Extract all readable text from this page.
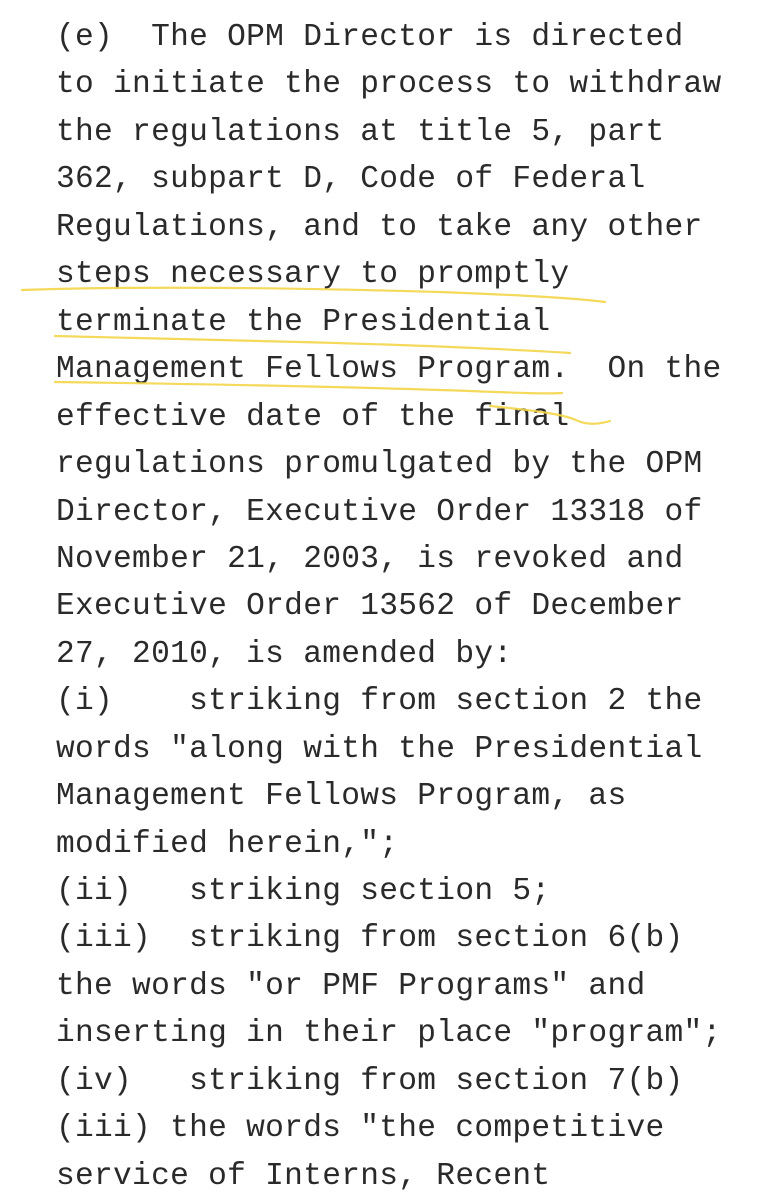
(e)  The OPM Director is directed
to initiate the process to withdraw
the regulations at title 5, part
362, subpart D, Code of Federal
Regulations, and to take any other
steps necessary to promptly
terminate the Presidential
Management Fellows Program.  On the
effective date of the final
regulations promulgated by the OPM
Director, Executive Order 13318 of
November 21, 2003, is revoked and
Executive Order 13562 of December
27, 2010, is amended by:
(i)    striking from section 2 the
words "along with the Presidential
Management Fellows Program, as
modified herein,";
(ii)   striking section 5;
(iii)  striking from section 6(b)
the words "or PMF Programs" and
inserting in their place "program";
(iv)   striking from section 7(b)
(iii) the words "the competitive
service of Interns, Recent
